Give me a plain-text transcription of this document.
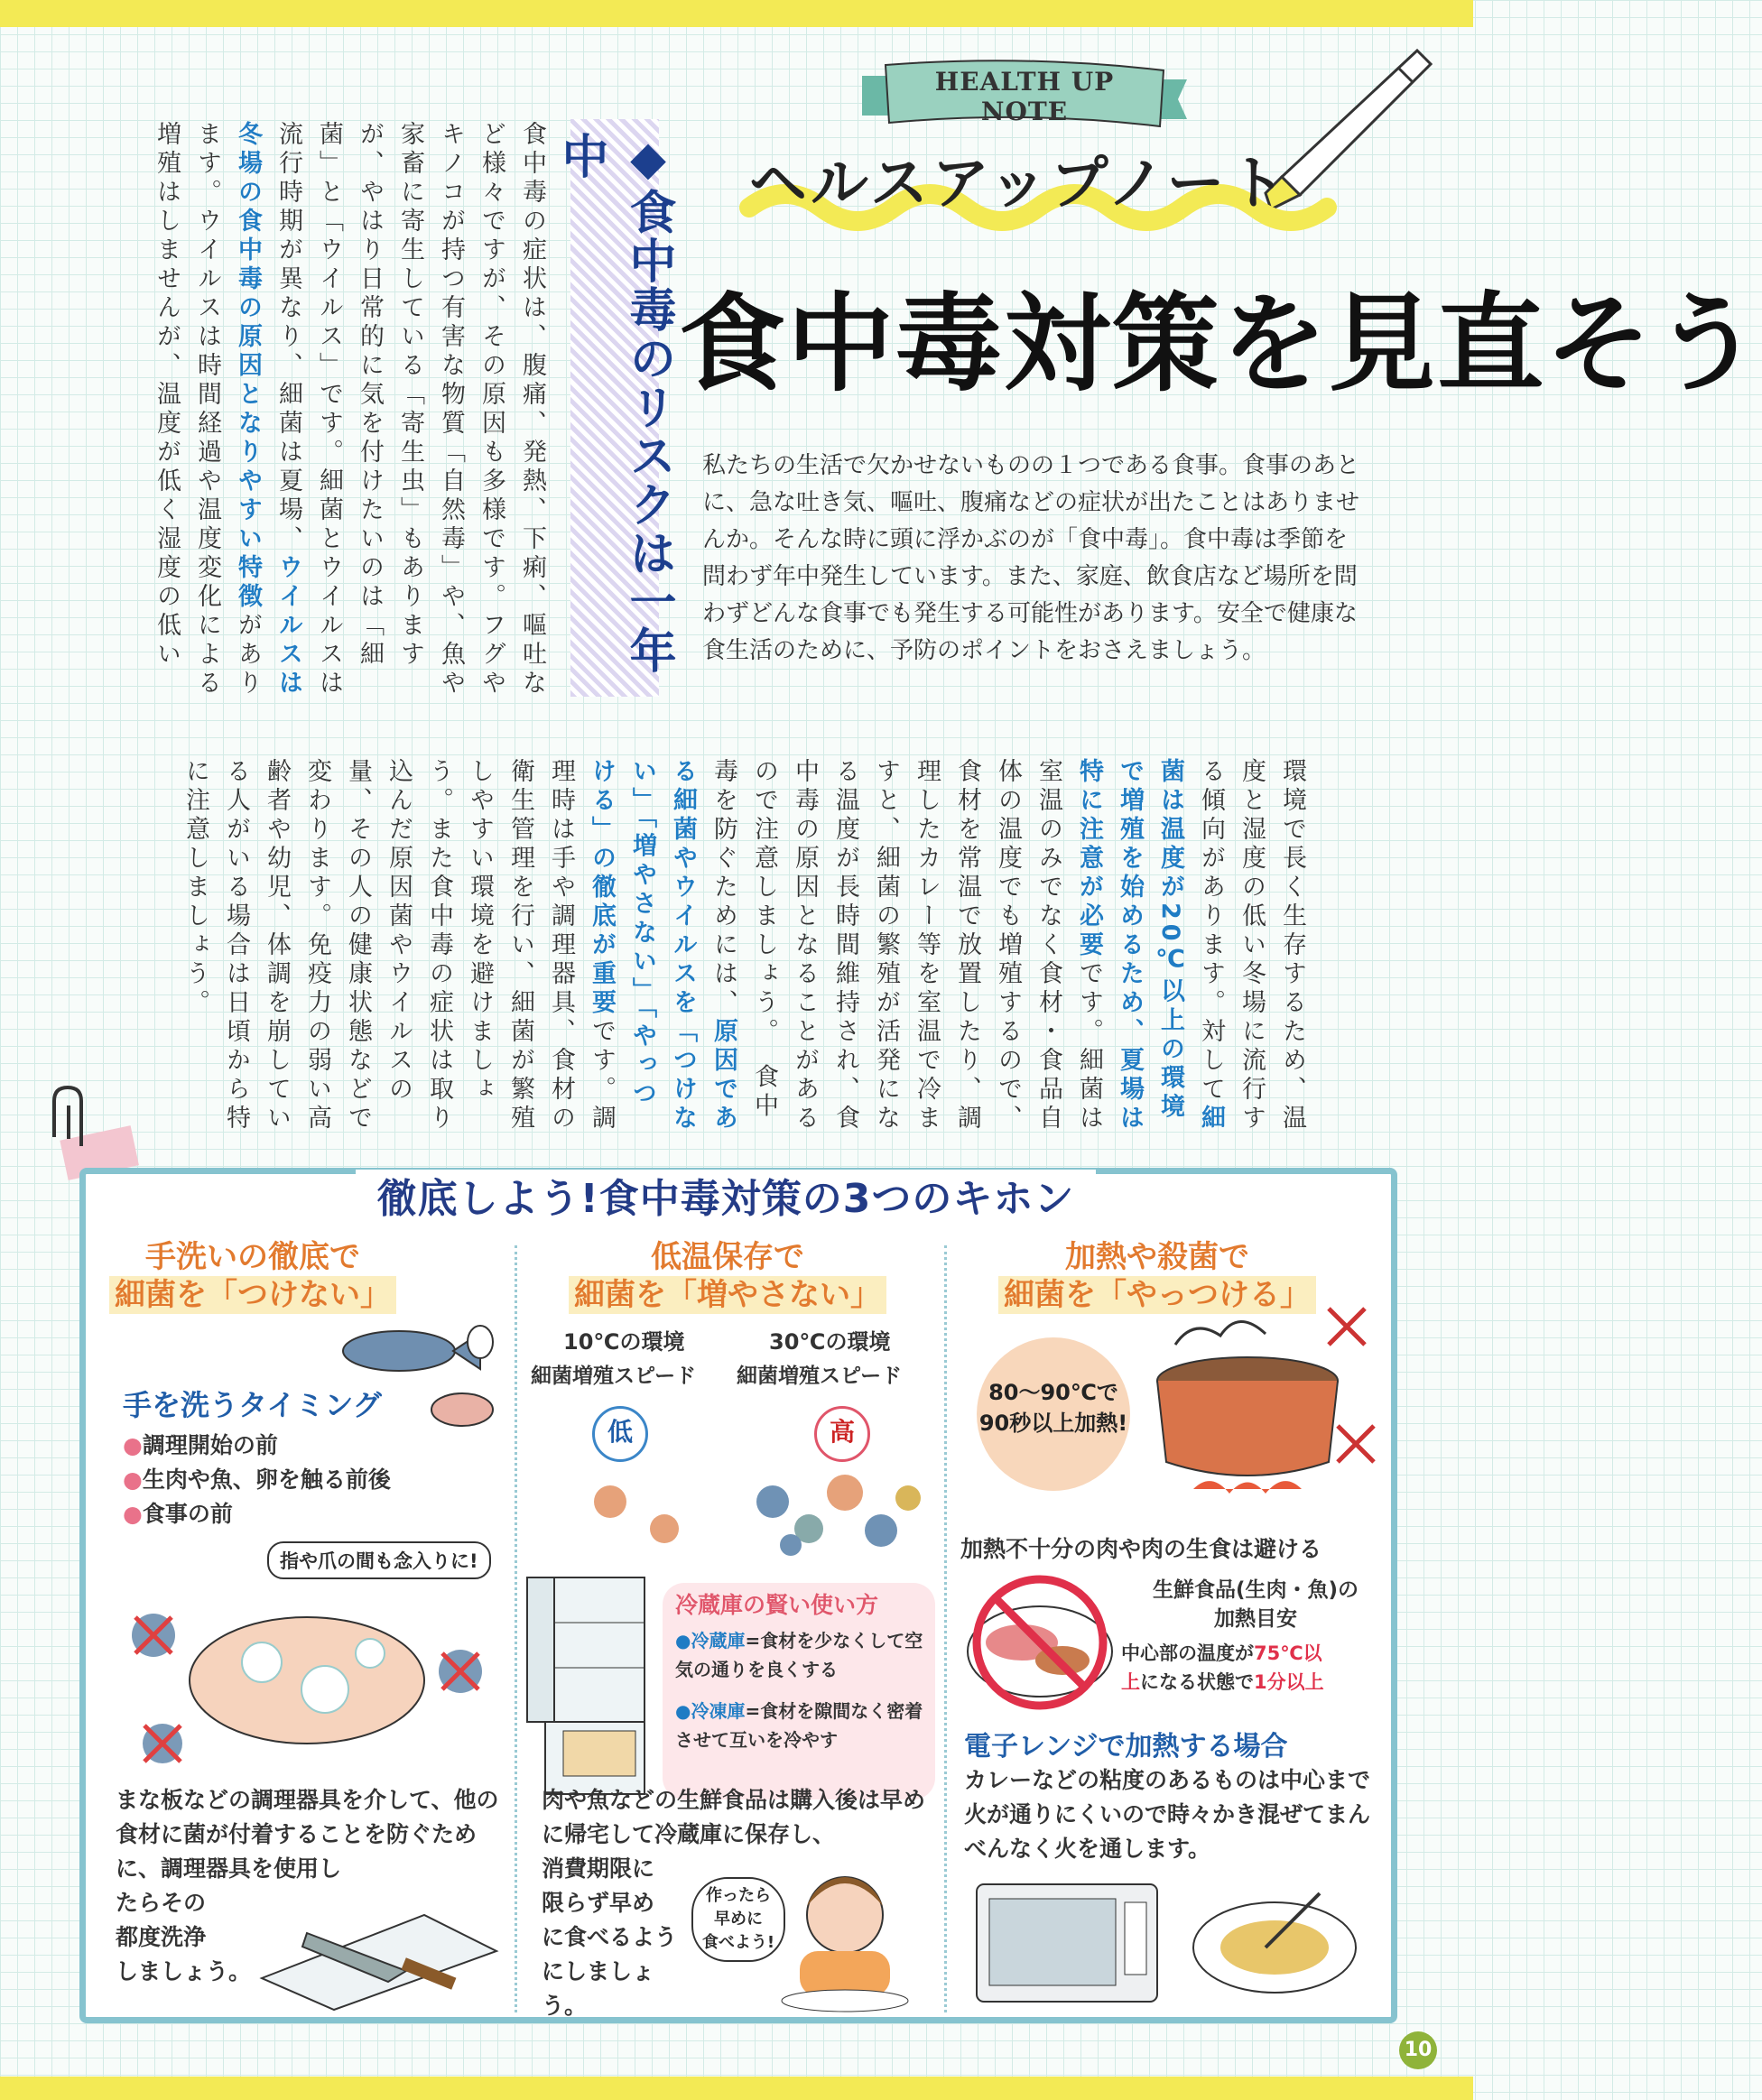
HEALTH UP NOTE
ヘルスアップノート
食中毒対策を見直そう
私たちの生活で欠かせないものの１つである食事。食事のあとに、急な吐き気、嘔吐、腹痛などの症状が出たことはありませんか。そんな時に頭に浮かぶのが「食中毒」。食中毒は季節を問わず年中発生しています。また、家庭、飲食店など場所を問わずどんな食事でも発生する可能性があります。安全で健康な食生活のために、予防のポイントをおさえましょう。
◆食中毒のリスクは一年中
食中毒の症状は、腹痛、発熱、下痢、嘔吐など様々ですが、その原因も多様です。フグやキノコが持つ有害な物質「自然毒」や、魚や家畜に寄生している「寄生虫」もありますが、やはり日常的に気を付けたいのは「細菌」と「ウイルス」です。細菌とウイルスは流行時期が異なり、細菌は夏場、ウイルスは冬場の食中毒の原因となりやすい特徴があります。ウイルスは時間経過や温度変化による増殖はしませんが、温度が低く湿度の低い
環境で長く生存するため、温度と湿度の低い冬場に流行する傾向があります。対して細菌は温度が20℃以上の環境で増殖を始めるため、夏場は特に注意が必要です。細菌は室温のみでなく食材・食品自体の温度でも増殖するので、食材を常温で放置したり、調理したカレー等を室温で冷ますと、細菌の繁殖が活発になる温度が長時間維持され、食中毒の原因となることがあるので注意しましょう。　食中毒を防ぐためには、原因である細菌やウイルスを「つけない」「増やさない」「やっつける」の徹底が重要です。調理時は手や調理器具、食材の衛生管理を行い、細菌が繁殖しやすい環境を避けましょう。また食中毒の症状は取り込んだ原因菌やウイルスの量、その人の健康状態などで変わります。免疫力の弱い高齢者や幼児、体調を崩している人がいる場合は日頃から特に注意しましょう。
徹底しよう!食中毒対策の3つのキホン
手洗いの徹底で
細菌を「つけない」
手を洗うタイミング
●調理開始の前
●生肉や魚、卵を触る前後
●食事の前
指や爪の間も念入りに!
まな板などの調理器具を介して、他の食材に菌が付着することを防ぐために、調理器具を使用し
たらその
都度洗浄
しましょう。
低温保存で
細菌を「増やさない」
10℃の環境	30℃の環境
細菌増殖スピード 細菌増殖スピード
低	高
冷蔵庫の賢い使い方
●冷蔵庫=食材を少なくして空気の通りを良くする
●冷凍庫=食材を隙間なく密着させて互いを冷やす
肉や魚などの生鮮食品は購入後は早めに帰宅して冷蔵庫に保存し、
消費期限に
限らず早め
に食べるよう
にしましょう。
作ったら
早めに
食べよう!
加熱や殺菌で
細菌を「やっつける」
80〜90℃で
90秒以上加熱!
加熱不十分の肉や肉の生食は避ける
生鮮食品(生肉・魚)の
加熱目安
中心部の温度が75℃以
上になる状態で1分以上
電子レンジで加熱する場合
カレーなどの粘度のあるものは中心まで火が通りにくいので時々かき混ぜてまんべんなく火を通します。
10
